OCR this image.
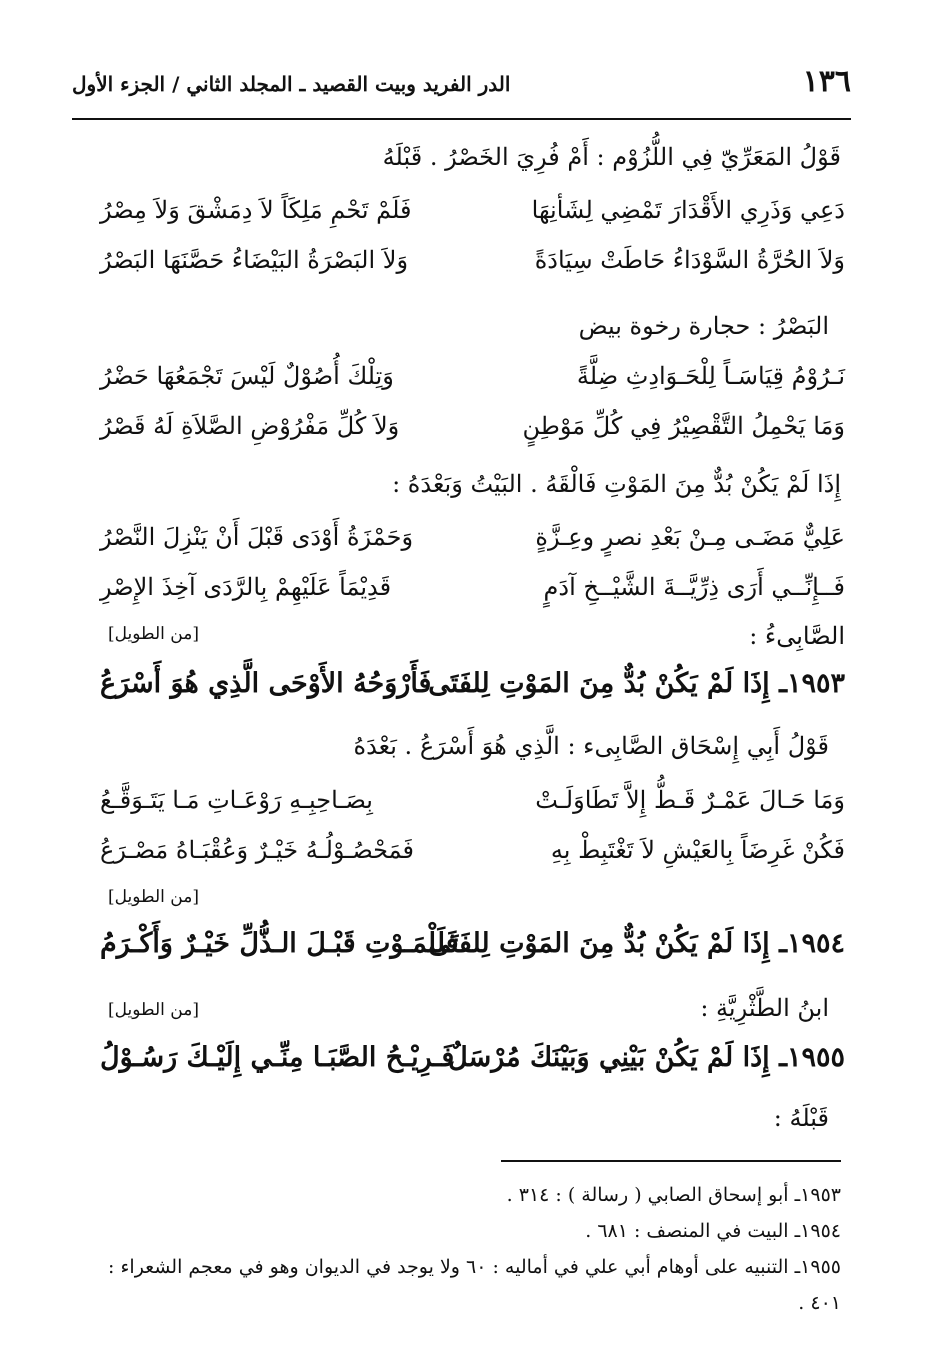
١٣٦
الدر الفريد وبيت القصيد ـ المجلد الثاني / الجزء الأول
قَوْلُ المَعَرِّيّ فِي اللُّزُوْم : أَمْ فُرِيَ الخَصْرُ . قَبْلَهُ
دَعِي وَذَرِي الأَقْدَارَ تَمْضِي لِشَأنِهَا
فَلَمْ تَحْمِ مَلِكَاً لاَ دِمَشْقَ وَلاَ مِصْرُ
وَلاَ الحُرَّةُ السَّوْدَاءُ حَاطَتْ سِيَادَةً
وَلاَ البَصْرَةُ البَيْضَاءُ حَصَّنَهَا البَصْرُ
البَصْرُ : حجارة رخوة بيض
نَـرُوْمُ قِيَاسَـاً لِلْحَـوَادِثِ ضِلَّةً
وَتِلْكَ أُصُوْلٌ لَيْسَ تَجْمَعُهَا حَضْرُ
وَمَا يَحْمِلُ التَّقْصِيْرُ فِي كُلِّ مَوْطِنٍ
وَلاَ كُلِّ مَفْرُوْضِ الصَّلاَةِ لَهُ قَصْرُ
إِذَا لَمْ يَكُنْ بُدٌّ مِنَ المَوْتِ فَالْقَهُ . البَيْتُ وَبَعْدَهُ :
عَلِيٌّ مَضَـى مِـنْ بَعْدِ نصرٍ وعِـزَّةٍ
وَحَمْزَةُ أَوْدَى قَبْلَ أَنْ يَنْزِلَ النَّصْرُ
فَــإِنِّــي أَرَى ذِرِّيَّــةَ الشَّيْــخِ آدَمٍ
قَدِيْمَاً عَلَيْهِمْ بِالرَّدَى آخِذَ الإِصْرِ
الصَّابِىءُ :
[من الطويل]
١٩٥٣ـ إِذَا لَمْ يَكُنْ بُدٌّ مِنَ المَوْتِ لِلفَتَى
فَأَرْوَحُهُ الأَوْحَى الَّذِي هُوَ أَسْرَعُ
قَوْلُ أَبِي إِسْحَاق الصَّابِىء : الَّذِي هُوَ أَسْرَعُ . بَعْدَهُ
وَمَا حَـالَ عَمْـرٌ قَـطُّ إِلاَّ تَطَاوَلَـتْ
بِصَـاحِبِـهِ رَوْعَـاتِ مَـا يَتَـوَقَّـعُ
فَكُنْ غَرِضَاً بِالعَيْشِ لاَ تَغْتَبِطْ بِهِ
فَمَحْصُـوْلُـهُ خَيْـرٌ وَعُقْبَـاهُ مَصْـرَعُ
[من الطويل]
١٩٥٤ـ إِذَا لَمْ يَكُنْ بُدٌّ مِنَ المَوْتِ لِلفَتَى
فَلَلْمَـوْتِ قَبْـلَ الـذُّلِّ خَيْـرٌ وَأَكْـرَمُ
ابنُ الطَّثْرِيَّةِ :
[من الطويل]
١٩٥٥ـ إِذَا لَمْ يَكُنْ بَيْنِي وَبَيْنَكَ مُرْسَلٌ
فَـرِيْـحُ الصَّبَـا مِنِّـي إِلَيْـكَ رَسُـوْلُ
قَبْلَهُ :
١٩٥٣ـ أبو إسحاق الصابي ( رسالة ) : ٣١٤ .
١٩٥٤ـ البيت في المنصف : ٦٨١ .
١٩٥٥ـ التنبيه على أوهام أبي علي في أماليه : ٦٠ ولا يوجد في الديوان وهو في معجم الشعراء :
٤٠١ .
